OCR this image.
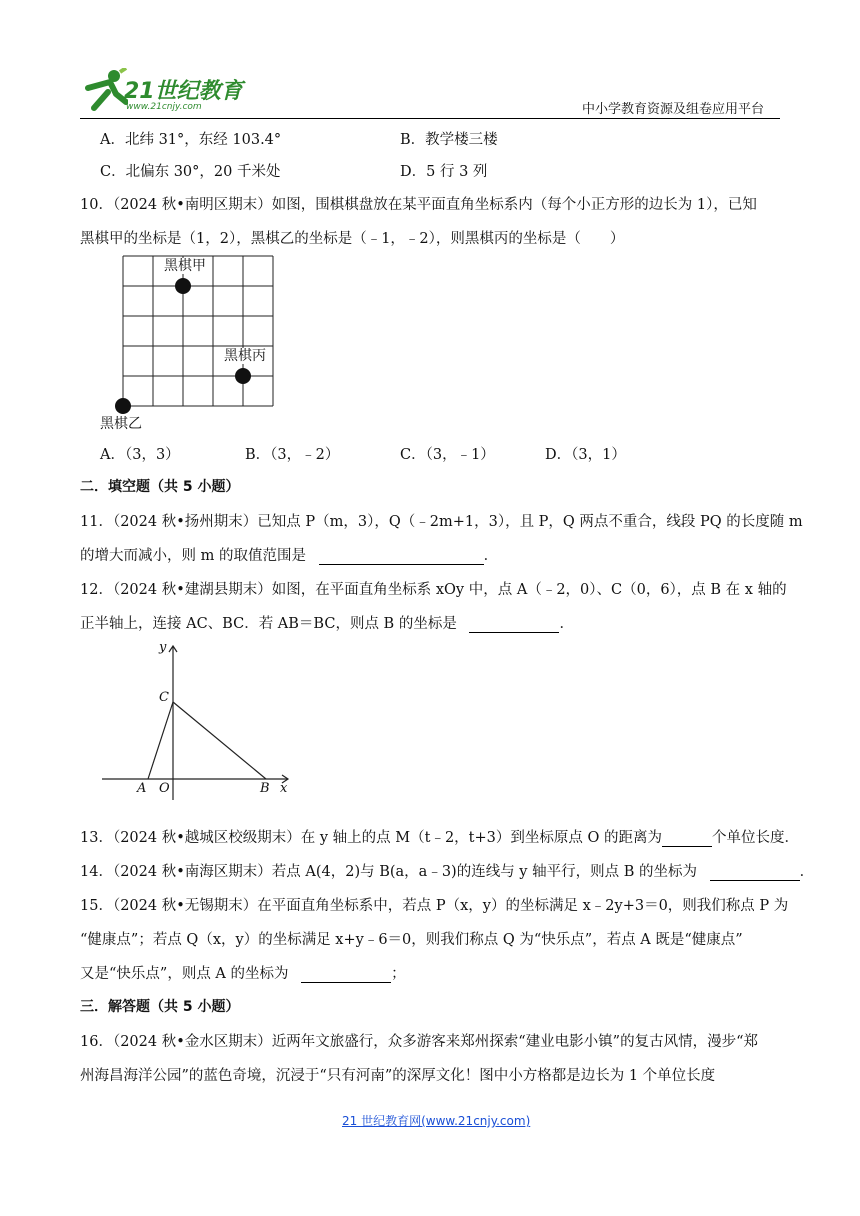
21世纪教育
www.21cnjy.com	中小学教育资源及组卷应用平台
A．北纬 31°，东经 103.4°	B．教学楼三楼
C．北偏东 30°，20 千米处	D．5 行 3 列
10．（2024 秋•南明区期末）如图，围棋棋盘放在某平面直角坐标系内（每个小正方形的边长为 1），已知
黑棋甲的坐标是（1，2），黑棋乙的坐标是（﹣1，﹣2），则黑棋丙的坐标是（　　）
黑棋甲
黑棋丙
黑棋乙
A．（3，3）	B．（3，﹣2）	C．（3，﹣1）	D．（3，1）
二．填空题（共 5 小题）
11．（2024 秋•扬州期末）已知点 P（m，3），Q（﹣2m+1，3），且 P，Q 两点不重合，线段 PQ 的长度随 m
的增大而减小，则 m 的取值范围是	．
12．（2024 秋•建湖县期末）如图，在平面直角坐标系 xOy 中，点 A（﹣2，0）、C（0，6），点 B 在 x 轴的
正半轴上，连接 AC、BC．若 AB＝BC，则点 B 的坐标是	．
y
x
C
A O	B
13．（2024 秋•越城区校级期末）在 y 轴上的点 M（t﹣2，t+3）到坐标原点 O 的距离为	个单位长度．
14．（2024 秋•南海区期末）若点 A(4，2)与 B(a，a﹣3)的连线与 y 轴平行，则点 B 的坐标为	．
15．（2024 秋•无锡期末）在平面直角坐标系中，若点 P（x，y）的坐标满足 x﹣2y+3＝0，则我们称点 P 为
“健康点”；若点 Q（x，y）的坐标满足 x+y﹣6＝0，则我们称点 Q 为“快乐点”，若点 A 既是“健康点”
又是“快乐点”，则点 A 的坐标为	；
三．解答题（共 5 小题）
16．（2024 秋•金水区期末）近两年文旅盛行，众多游客来郑州探索“建业电影小镇”的复古风情，漫步“郑
州海昌海洋公园”的蓝色奇境，沉浸于“只有河南”的深厚文化！图中小方格都是边长为 1 个单位长度
21 世纪教育网(www.21cnjy.com)
